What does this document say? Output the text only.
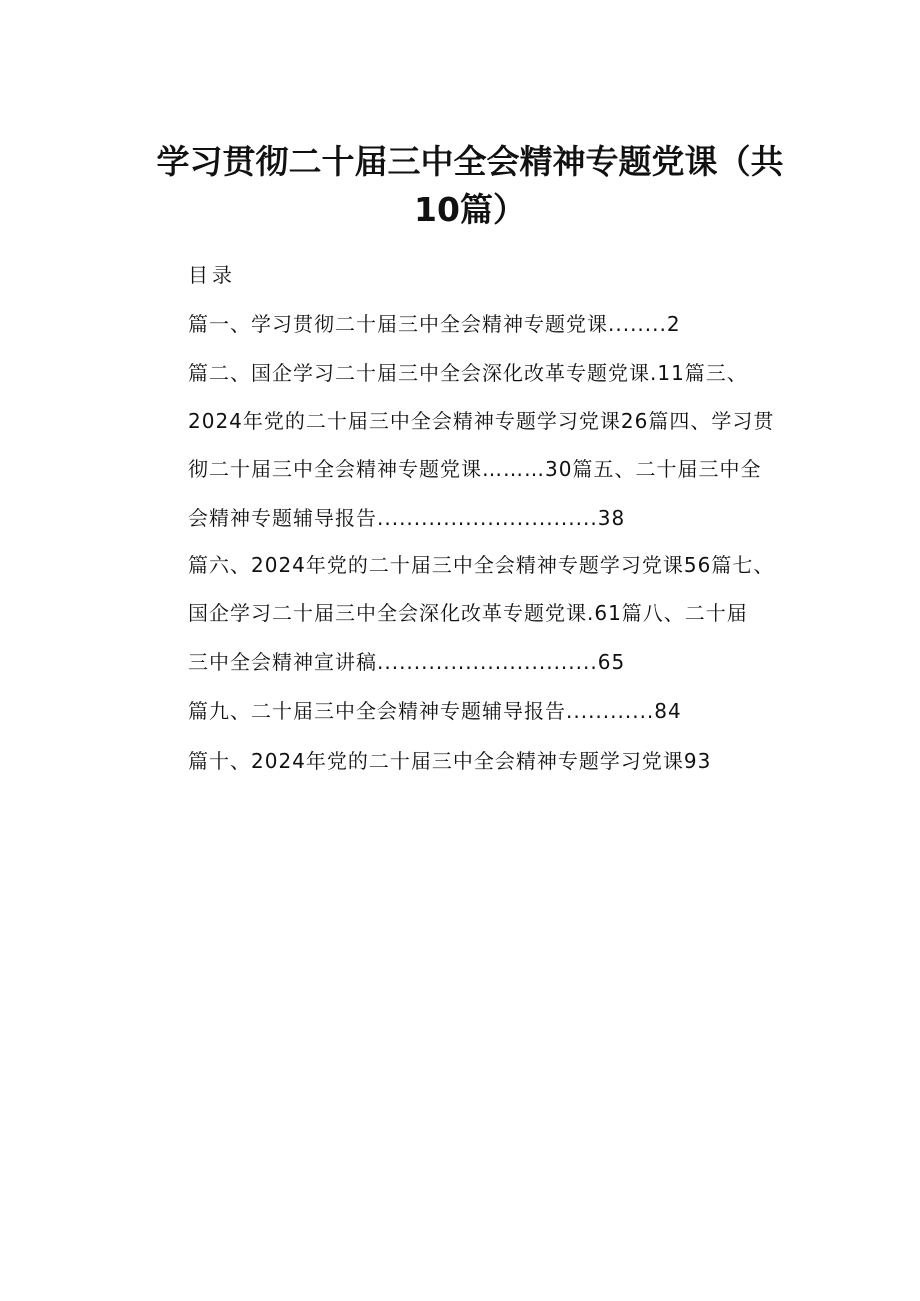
学习贯彻二十届三中全会精神专题党课（共10篇）
目录
篇一、学习贯彻二十届三中全会精神专题党课........2
篇二、国企学习二十届三中全会深化改革专题党课.11篇三、
2024年党的二十届三中全会精神专题学习党课26篇四、学习贯
彻二十届三中全会精神专题党课………30篇五、二十届三中全
会精神专题辅导报告..............................38
篇六、2024年党的二十届三中全会精神专题学习党课56篇七、
国企学习二十届三中全会深化改革专题党课.61篇八、二十届
三中全会精神宣讲稿..............................65
篇九、二十届三中全会精神专题辅导报告............84
篇十、2024年党的二十届三中全会精神专题学习党课93
